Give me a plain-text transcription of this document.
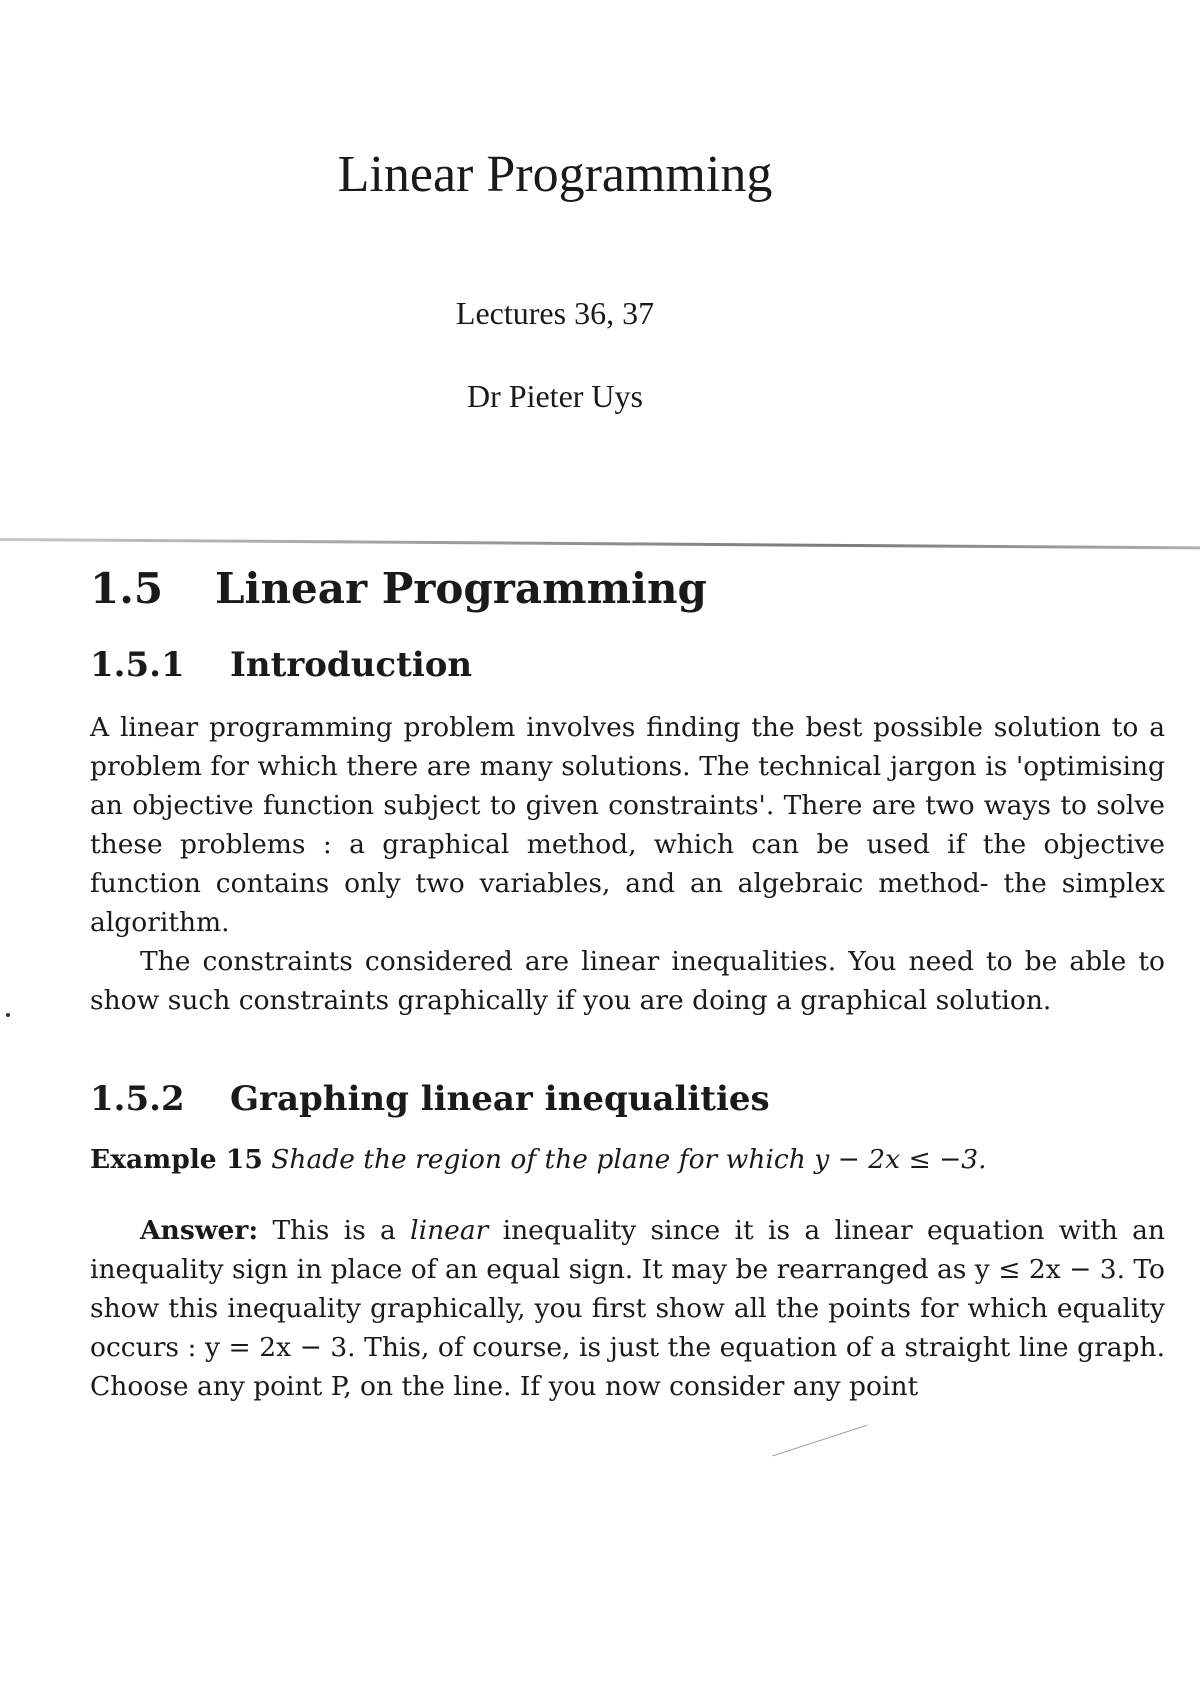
Linear Programming
Lectures 36, 37
Dr Pieter Uys
1.5	Linear Programming
1.5.1	Introduction

A linear programming problem involves finding the best possible solution to a problem for which there are many solutions. The technical jargon is 'optimising an objective function subject to given constraints'. There are two ways to solve these problems : a graphical method, which can be used if the objective function contains only two variables, and an algebraic method- the simplex algorithm.

The constraints considered are linear inequalities. You need to be able to show such constraints graphically if you are doing a graphical solution.

1.5.2	Graphing linear inequalities

Example 15 Shade the region of the plane for which y − 2x ≤ −3.

Answer: This is a linear inequality since it is a linear equation with an inequality sign in place of an equal sign. It may be rearranged as y ≤ 2x − 3. To show this inequality graphically, you first show all the points for which equality occurs : y = 2x − 3. This, of course, is just the equation of a straight line graph. Choose any point P, on the line. If you now consider any point
